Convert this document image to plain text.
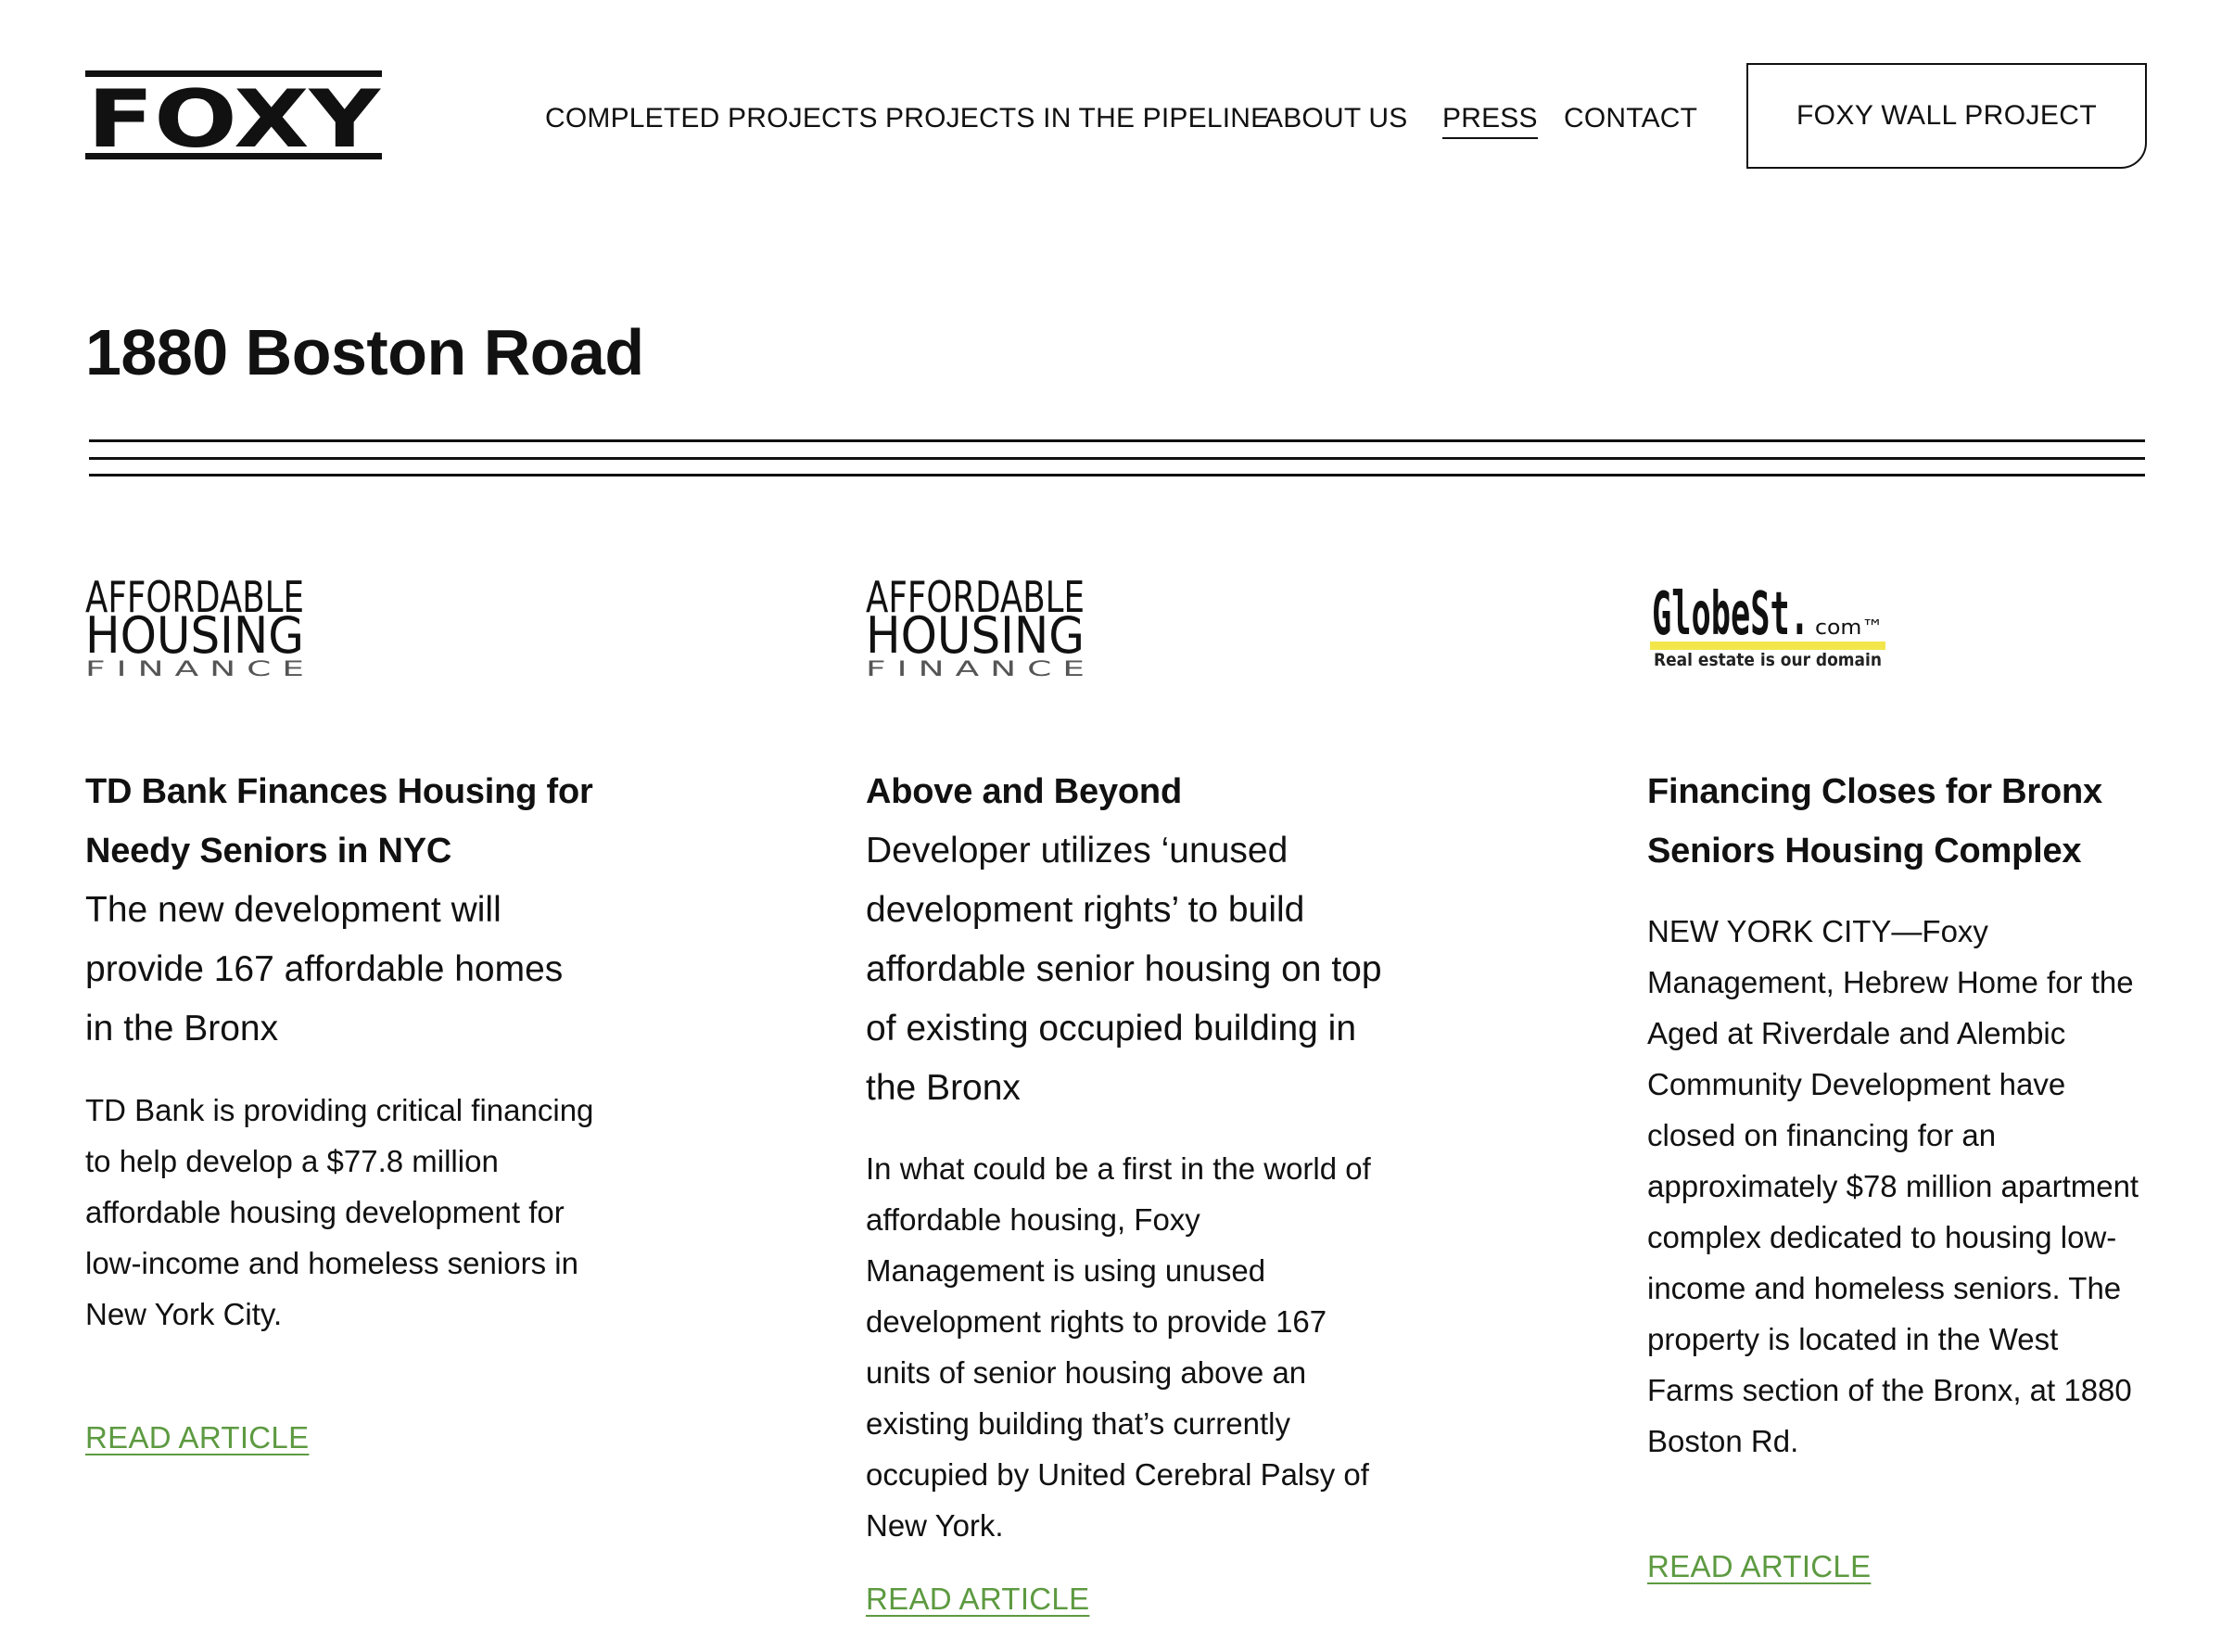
FOXY	COMPLETED PROJECTS PROJECTS IN THE PIPELINE
ABOUT US PRESS CONTACT	FOXY WALL PROJECT
1880 Boston Road
AFFORDABLE
HOUSING
F I N A N C E
TD Bank Finances Housing for Needy Seniors in NYC

The new development will provide 167 affordable homes in the Bronx

TD Bank is providing critical financing to help develop a $77.8 million affordable housing development for low-income and homeless seniors in New York City.

READ ARTICLE
AFFORDABLE
HOUSING
F I N A N C E
Above and Beyond

Developer utilizes ‘unused development rights’ to build affordable senior housing on top of existing occupied building in the Bronx

In what could be a first in the world of affordable housing, Foxy Management is using unused development rights to provide 167 units of senior housing above an existing building that’s currently occupied by United Cerebral Palsy of New York.

READ ARTICLE
GlobeSt. com™
Real estate is our domain
Financing Closes for Bronx Seniors Housing Complex

NEW YORK CITY—Foxy Management, Hebrew Home for the Aged at Riverdale and Alembic Community Development have closed on financing for an approximately $78 million apartment complex dedicated to housing low-income and homeless seniors. The property is located in the West Farms section of the Bronx, at 1880 Boston Rd.

READ ARTICLE
